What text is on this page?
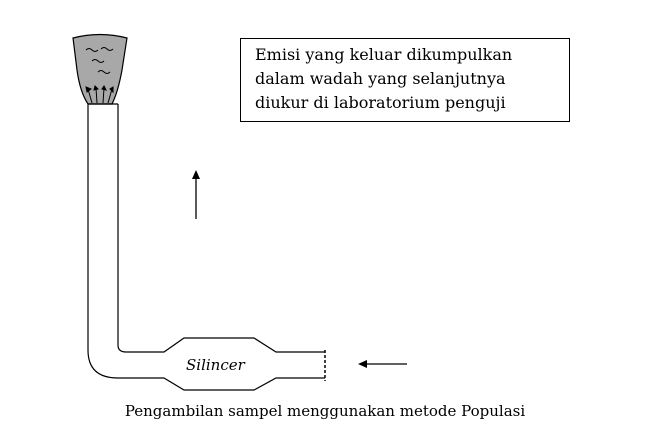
Emisi yang keluar dikumpulkan
dalam wadah yang selanjutnya
diukur di laboratorium penguji
Silincer
Pengambilan sampel menggunakan metode Populasi
